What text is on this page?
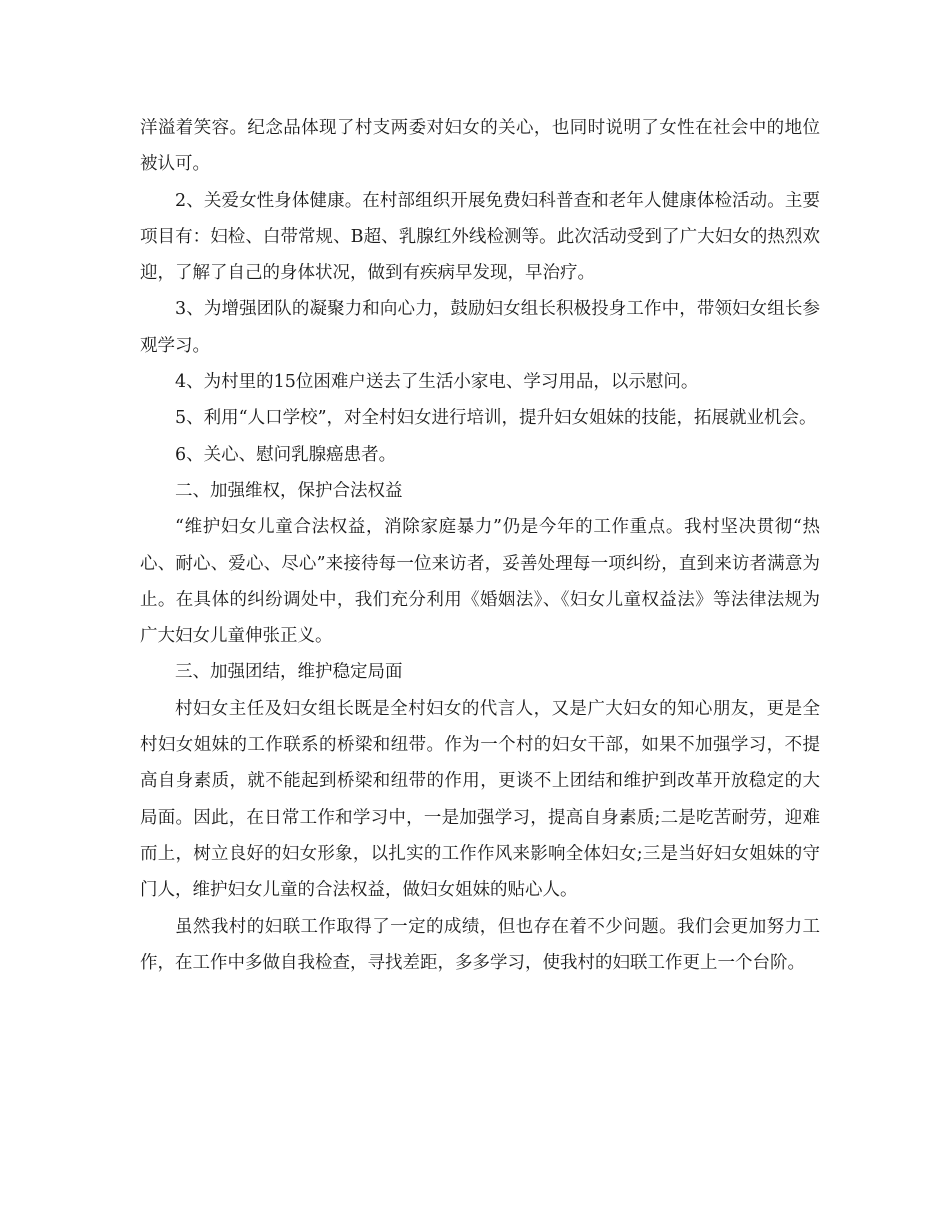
洋溢着笑容。纪念品体现了村支两委对妇女的关心，也同时说明了女性在社会中的地位被认可。

2、关爱女性身体健康。在村部组织开展免费妇科普查和老年人健康体检活动。主要项目有：妇检、白带常规、B超、乳腺红外线检测等。此次活动受到了广大妇女的热烈欢迎，了解了自己的身体状况，做到有疾病早发现，早治疗。

3、为增强团队的凝聚力和向心力，鼓励妇女组长积极投身工作中，带领妇女组长参观学习。

4、为村里的15位困难户送去了生活小家电、学习用品，以示慰问。

5、利用“人口学校”，对全村妇女进行培训，提升妇女姐妹的技能，拓展就业机会。

6、关心、慰问乳腺癌患者。

二、加强维权，保护合法权益

“维护妇女儿童合法权益，消除家庭暴力”仍是今年的工作重点。我村坚决贯彻“热心、耐心、爱心、尽心”来接待每一位来访者，妥善处理每一项纠纷，直到来访者满意为止。在具体的纠纷调处中，我们充分利用《婚姻法》、《妇女儿童权益法》等法律法规为广大妇女儿童伸张正义。

三、加强团结，维护稳定局面

村妇女主任及妇女组长既是全村妇女的代言人，又是广大妇女的知心朋友，更是全村妇女姐妹的工作联系的桥梁和纽带。作为一个村的妇女干部，如果不加强学习，不提高自身素质，就不能起到桥梁和纽带的作用，更谈不上团结和维护到改革开放稳定的大局面。因此，在日常工作和学习中，一是加强学习，提高自身素质;二是吃苦耐劳，迎难而上，树立良好的妇女形象，以扎实的工作作风来影响全体妇女;三是当好妇女姐妹的守门人，维护妇女儿童的合法权益，做妇女姐妹的贴心人。

虽然我村的妇联工作取得了一定的成绩，但也存在着不少问题。我们会更加努力工作，在工作中多做自我检查，寻找差距，多多学习，使我村的妇联工作更上一个台阶。
